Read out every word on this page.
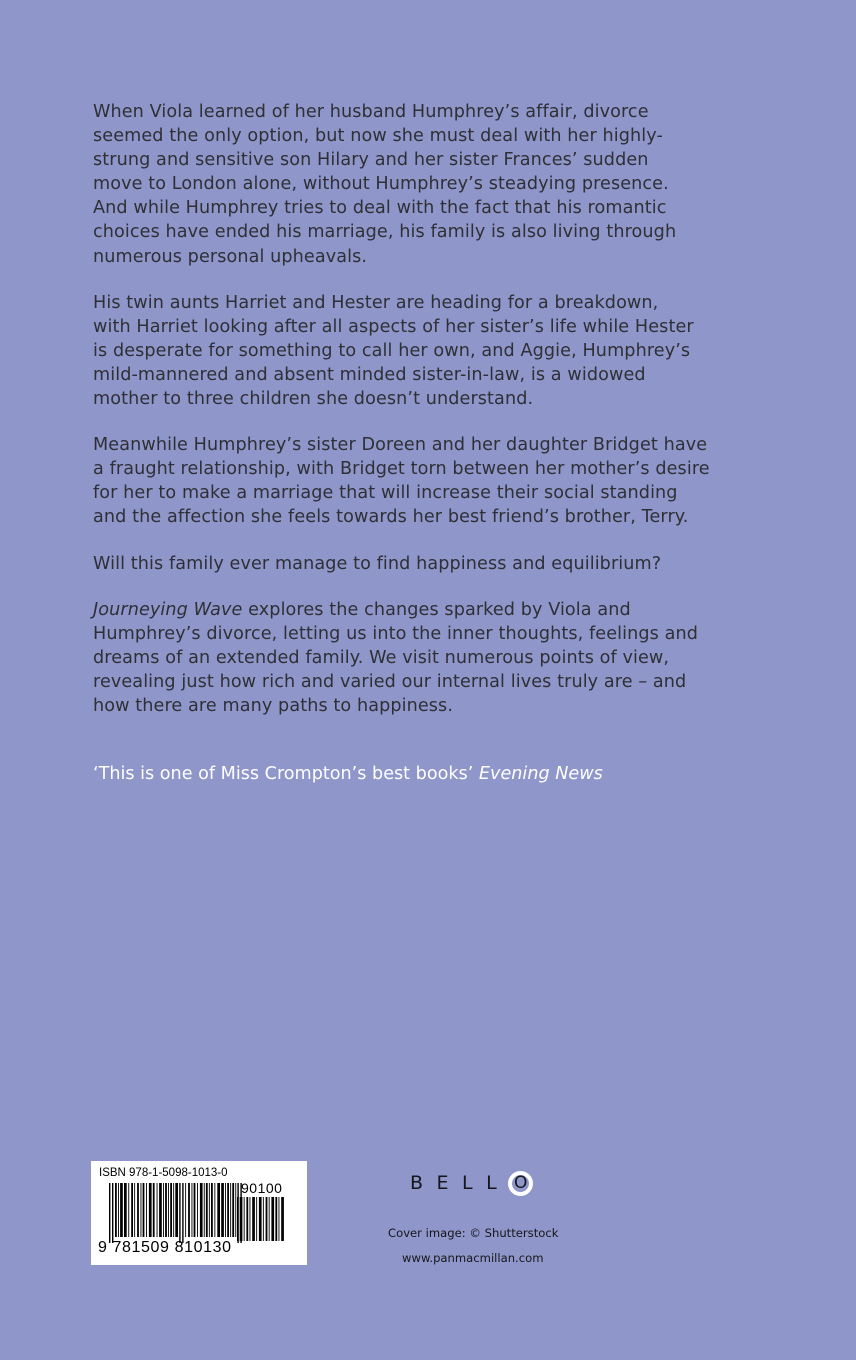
When Viola learned of her husband Humphrey’s affair, divorce
seemed the only option, but now she must deal with her highly-
strung and sensitive son Hilary and her sister Frances’ sudden
move to London alone, without Humphrey’s steadying presence.
And while Humphrey tries to deal with the fact that his romantic
choices have ended his marriage, his family is also living through
numerous personal upheavals.

His twin aunts Harriet and Hester are heading for a breakdown,
with Harriet looking after all aspects of her sister’s life while Hester
is desperate for something to call her own, and Aggie, Humphrey’s
mild-mannered and absent minded sister-in-law, is a widowed
mother to three children she doesn’t understand.

Meanwhile Humphrey’s sister Doreen and her daughter Bridget have
a fraught relationship, with Bridget torn between her mother’s desire
for her to make a marriage that will increase their social standing
and the affection she feels towards her best friend’s brother, Terry.

Will this family ever manage to find happiness and equilibrium?

Journeying Wave explores the changes sparked by Viola and
Humphrey’s divorce, letting us into the inner thoughts, feelings and
dreams of an extended family. We visit numerous points of view,
revealing just how rich and varied our internal lives truly are – and
how there are many paths to happiness.

‘This is one of Miss Crompton’s best books’ Evening News
ISBN 978-1-5098-1013-0
90100
9 781509 810130
BELL O
Cover image: © Shutterstock
www.panmacmillan.com
